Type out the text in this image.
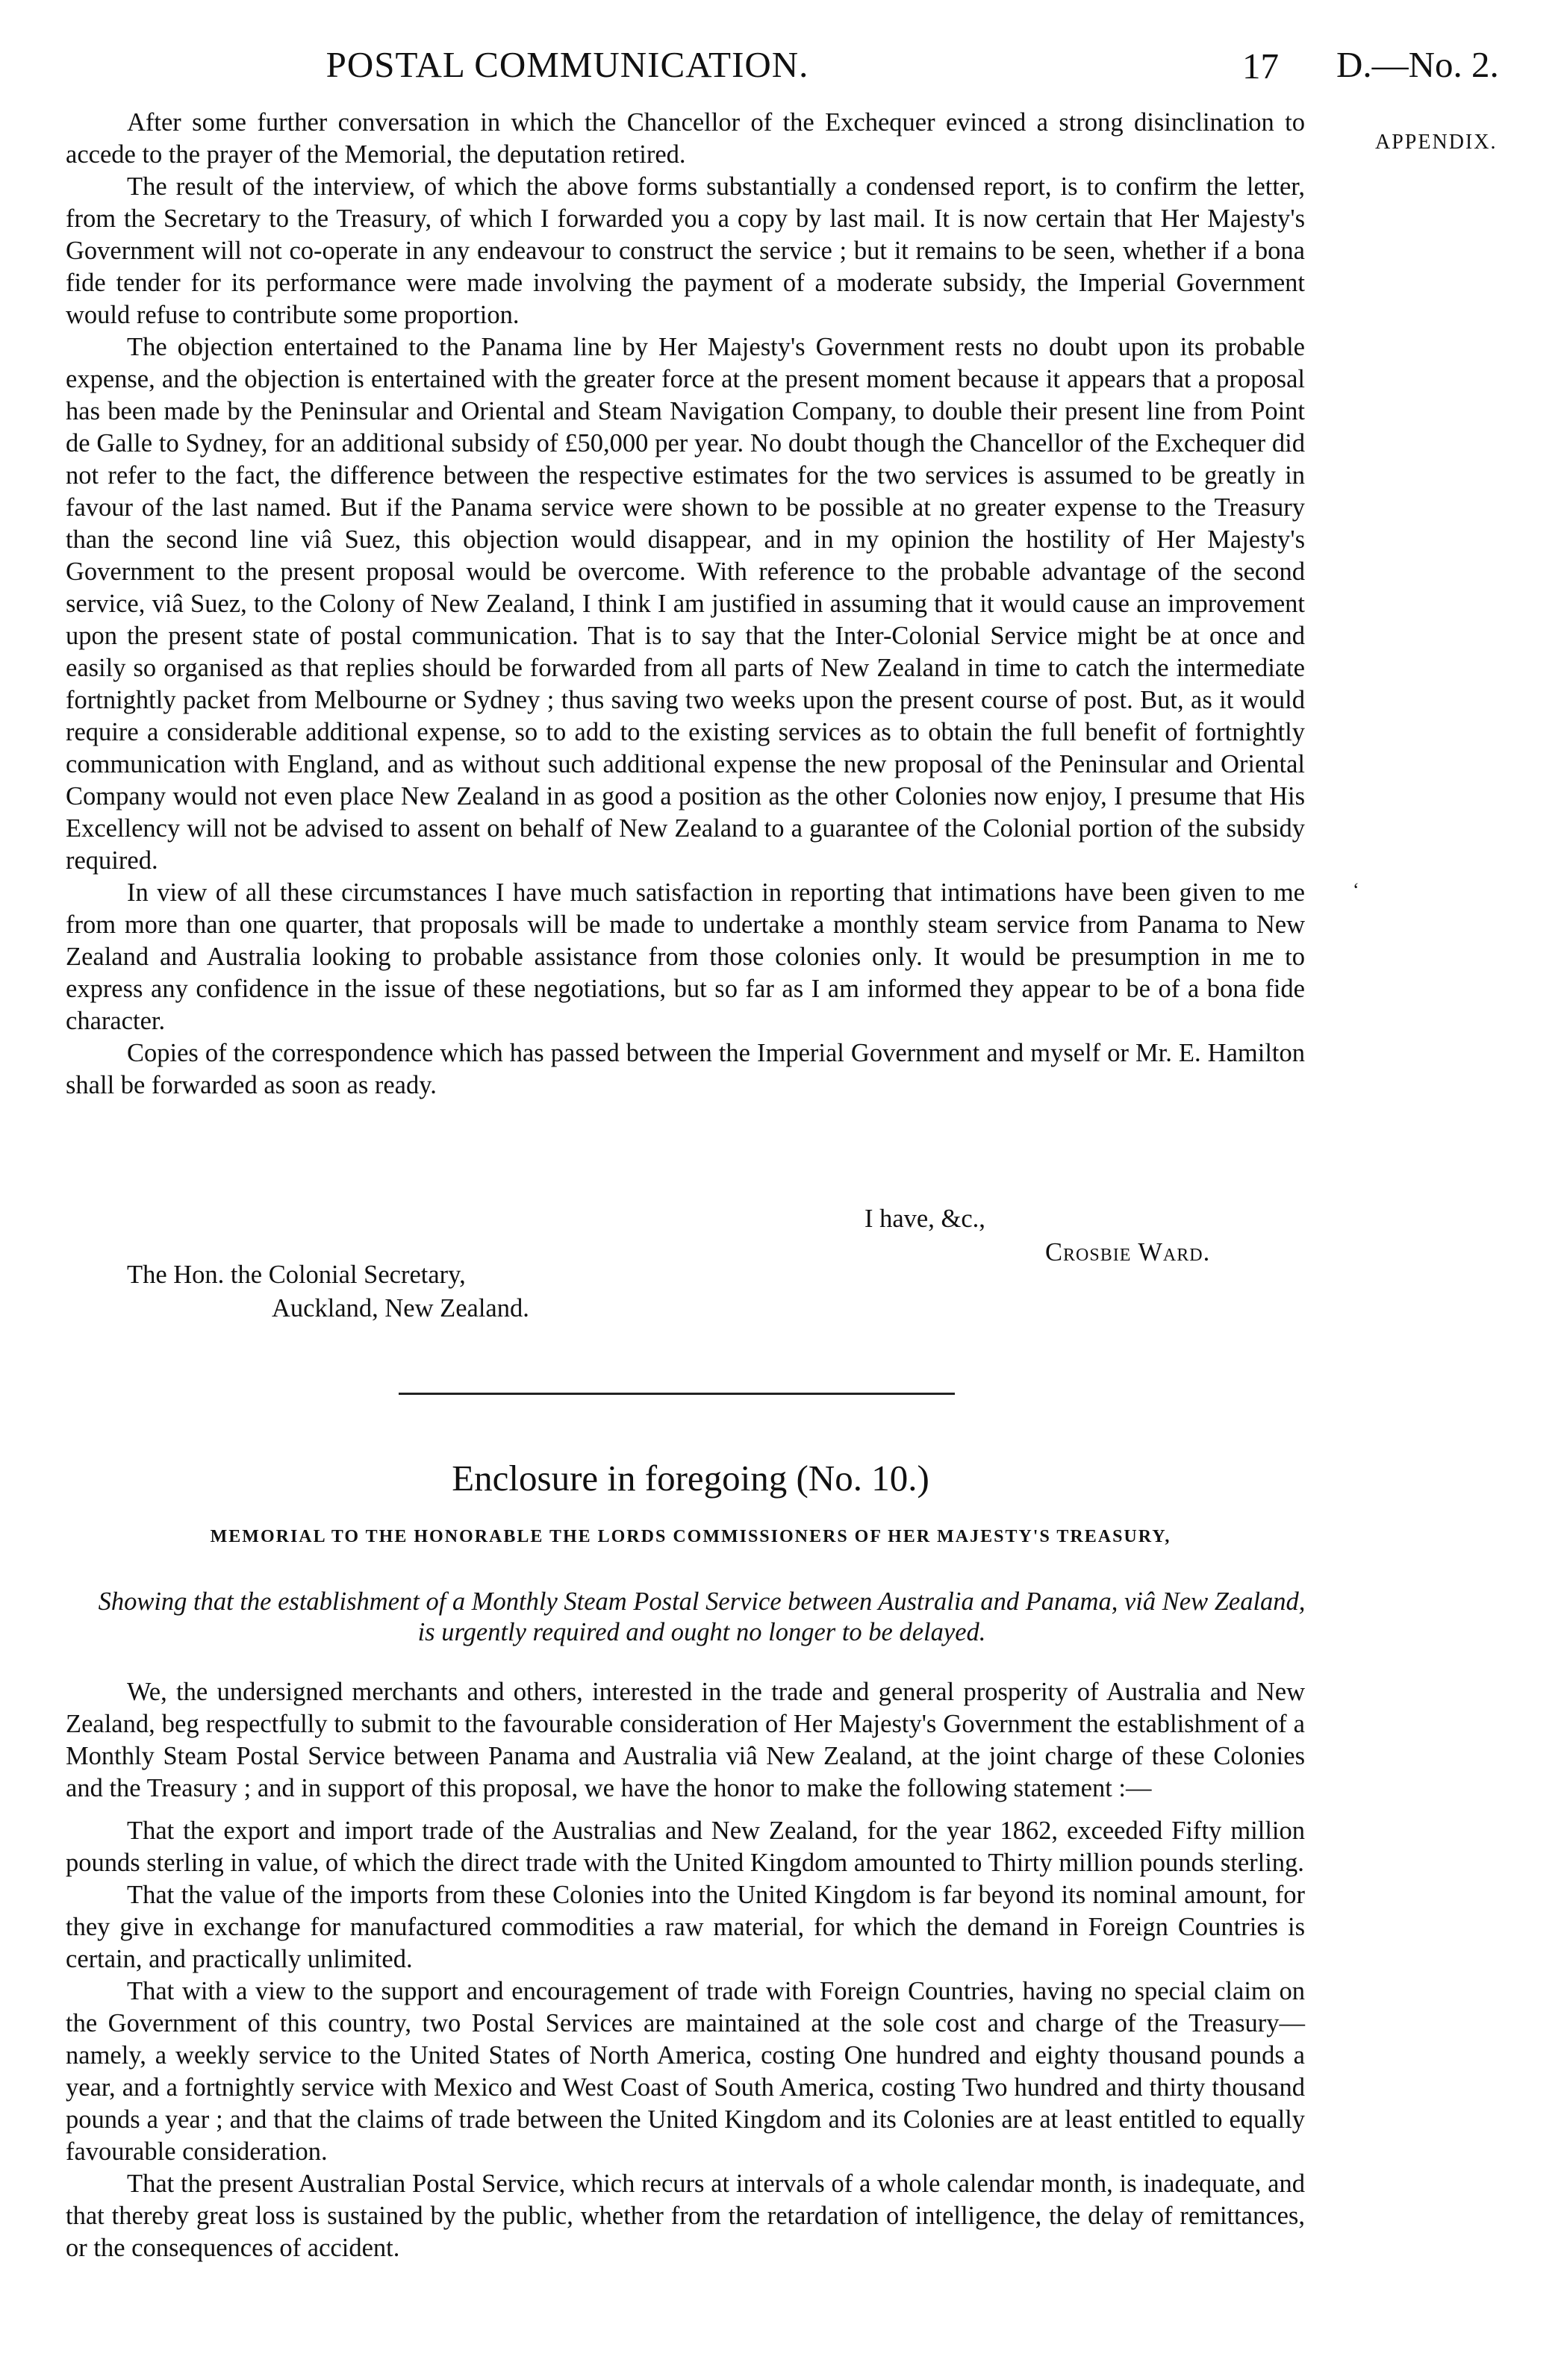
POSTAL COMMUNICATION.	17 D.—No. 2.
APPENDIX.

After some further conversation in which the Chancellor of the Exchequer evinced a strong disinclination to accede to the prayer of the Memorial, the deputation retired.

The result of the interview, of which the above forms substantially a condensed report, is to confirm the letter, from the Secretary to the Treasury, of which I forwarded you a copy by last mail. It is now certain that Her Majesty's Government will not co-operate in any endeavour to construct the service ; but it remains to be seen, whether if a bona fide tender for its performance were made involving the payment of a moderate subsidy, the Imperial Government would refuse to contribute some proportion.

The objection entertained to the Panama line by Her Majesty's Government rests no doubt upon its probable expense, and the objection is entertained with the greater force at the present moment because it appears that a proposal has been made by the Peninsular and Oriental and Steam Navigation Company, to double their present line from Point de Galle to Sydney, for an additional subsidy of £50,000 per year. No doubt though the Chancellor of the Exchequer did not refer to the fact, the difference between the respective estimates for the two services is assumed to be greatly in favour of the last named. But if the Panama service were shown to be possible at no greater expense to the Treasury than the second line viâ Suez, this objection would disappear, and in my opinion the hostility of Her Majesty's Government to the present proposal would be overcome. With reference to the probable advantage of the second service, viâ Suez, to the Colony of New Zealand, I think I am justified in assuming that it would cause an improvement upon the present state of postal communication. That is to say that the Inter-Colonial Service might be at once and easily so organised as that replies should be forwarded from all parts of New Zealand in time to catch the intermediate fortnightly packet from Melbourne or Sydney ; thus saving two weeks upon the present course of post. But, as it would require a considerable additional expense, so to add to the existing services as to obtain the full benefit of fortnightly communication with England, and as without such additional expense the new proposal of the Peninsular and Oriental Company would not even place New Zealand in as good a position as the other Colonies now enjoy, I presume that His Excellency will not be advised to assent on behalf of New Zealand to a guarantee of the Colonial portion of the subsidy required.

In view of all these circumstances I have much satisfaction in reporting that intimations have been given to me from more than one quarter, that proposals will be made to undertake a monthly steam service from Panama to New Zealand and Australia looking to probable assistance from those colonies only. It would be presumption in me to express any confidence in the issue of these negotiations, but so far as I am informed they appear to be of a bona fide character.

Copies of the correspondence which has passed between the Imperial Government and myself or Mr. E. Hamilton shall be forwarded as soon as ready.

‘
I have, &c.,
Crosbie Ward.
The Hon. the Colonial Secretary,
Auckland, New Zealand.
Enclosure in foregoing (No. 10.)
MEMORIAL TO THE HONORABLE THE LORDS COMMISSIONERS OF HER MAJESTY'S TREASURY,
Showing that the establishment of a Monthly Steam Postal Service between Australia and Panama, viâ New Zealand, is urgently required and ought no longer to be delayed.

We, the undersigned merchants and others, interested in the trade and general prosperity of Australia and New Zealand, beg respectfully to submit to the favourable consideration of Her Majesty's Government the establishment of a Monthly Steam Postal Service between Panama and Australia viâ New Zealand, at the joint charge of these Colonies and the Treasury ; and in support of this proposal, we have the honor to make the following statement :—

That the export and import trade of the Australias and New Zealand, for the year 1862, exceeded Fifty million pounds sterling in value, of which the direct trade with the United Kingdom amounted to Thirty million pounds sterling.

That the value of the imports from these Colonies into the United Kingdom is far beyond its nominal amount, for they give in exchange for manufactured commodities a raw material, for which the demand in Foreign Countries is certain, and practically unlimited.

That with a view to the support and encouragement of trade with Foreign Countries, having no special claim on the Government of this country, two Postal Services are maintained at the sole cost and charge of the Treasury—namely, a weekly service to the United States of North America, costing One hundred and eighty thousand pounds a year, and a fortnightly service with Mexico and West Coast of South America, costing Two hundred and thirty thousand pounds a year ; and that the claims of trade between the United Kingdom and its Colonies are at least entitled to equally favourable consideration.

That the present Australian Postal Service, which recurs at intervals of a whole calendar month, is inadequate, and that thereby great loss is sustained by the public, whether from the retardation of intelligence, the delay of remittances, or the consequences of accident.
